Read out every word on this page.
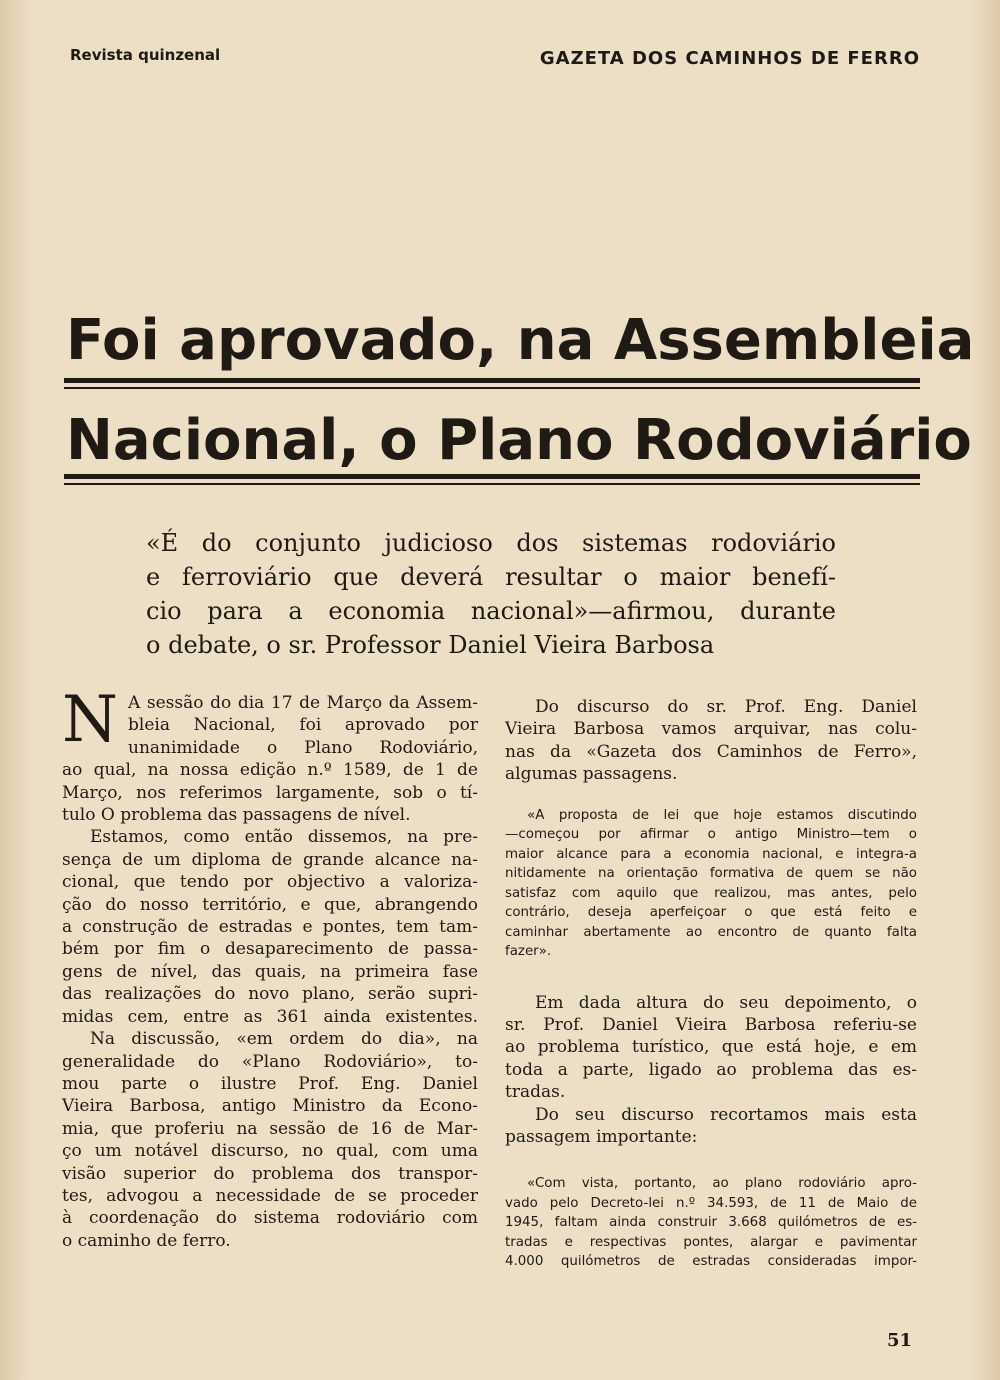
Revista quinzenal	GAZETA DOS CAMINHOS DE FERRO
Foi aprovado, na Assembleia
Nacional, o Plano Rodoviário
«É do conjunto judicioso dos sistemas rodoviário
e ferroviário que deverá resultar o maior benefí-
cio para a economia nacional»—afirmou, durante
o debate, o sr. Professor Daniel Vieira Barbosa
N A sessão do dia 17 de Março da Assem-
bleia Nacional, foi aprovado por
unanimidade o Plano Rodoviário,
ao qual, na nossa edição n.º 1589, de 1 de
Março, nos referimos largamente, sob o tí-
tulo O problema das passagens de nível.
Estamos, como então dissemos, na pre-
sença de um diploma de grande alcance na-
cional, que tendo por objectivo a valoriza-
ção do nosso território, e que, abrangendo
a construção de estradas e pontes, tem tam-
bém por fim o desaparecimento de passa-
gens de nível, das quais, na primeira fase
das realizações do novo plano, serão supri-
midas cem, entre as 361 ainda existentes.
Na discussão, «em ordem do dia», na
generalidade do «Plano Rodoviário», to-
mou parte o ilustre Prof. Eng. Daniel
Vieira Barbosa, antigo Ministro da Econo-
mia, que proferiu na sessão de 16 de Mar-
ço um notável discurso, no qual, com uma
visão superior do problema dos transpor-
tes, advogou a necessidade de se proceder
à coordenação do sistema rodoviário com
o caminho de ferro.
Do discurso do sr. Prof. Eng. Daniel
Vieira Barbosa vamos arquivar, nas colu-
nas da «Gazeta dos Caminhos de Ferro»,
algumas passagens.
«A proposta de lei que hoje estamos discutindo
—começou por afirmar o antigo Ministro—tem o
maior alcance para a economia nacional, e integra-a
nitidamente na orientação formativa de quem se não
satisfaz com aquilo que realizou, mas antes, pelo
contrário, deseja aperfeiçoar o que está feito e
caminhar abertamente ao encontro de quanto falta
fazer».
Em dada altura do seu depoimento, o
sr. Prof. Daniel Vieira Barbosa referiu-se
ao problema turístico, que está hoje, e em
toda a parte, ligado ao problema das es-
tradas.
Do seu discurso recortamos mais esta
passagem importante:
«Com vista, portanto, ao plano rodoviário apro-
vado pelo Decreto-lei n.º 34.593, de 11 de Maio de
1945, faltam ainda construir 3.668 quilómetros de es-
tradas e respectivas pontes, alargar e pavimentar
4.000 quilómetros de estradas consideradas impor-
51
